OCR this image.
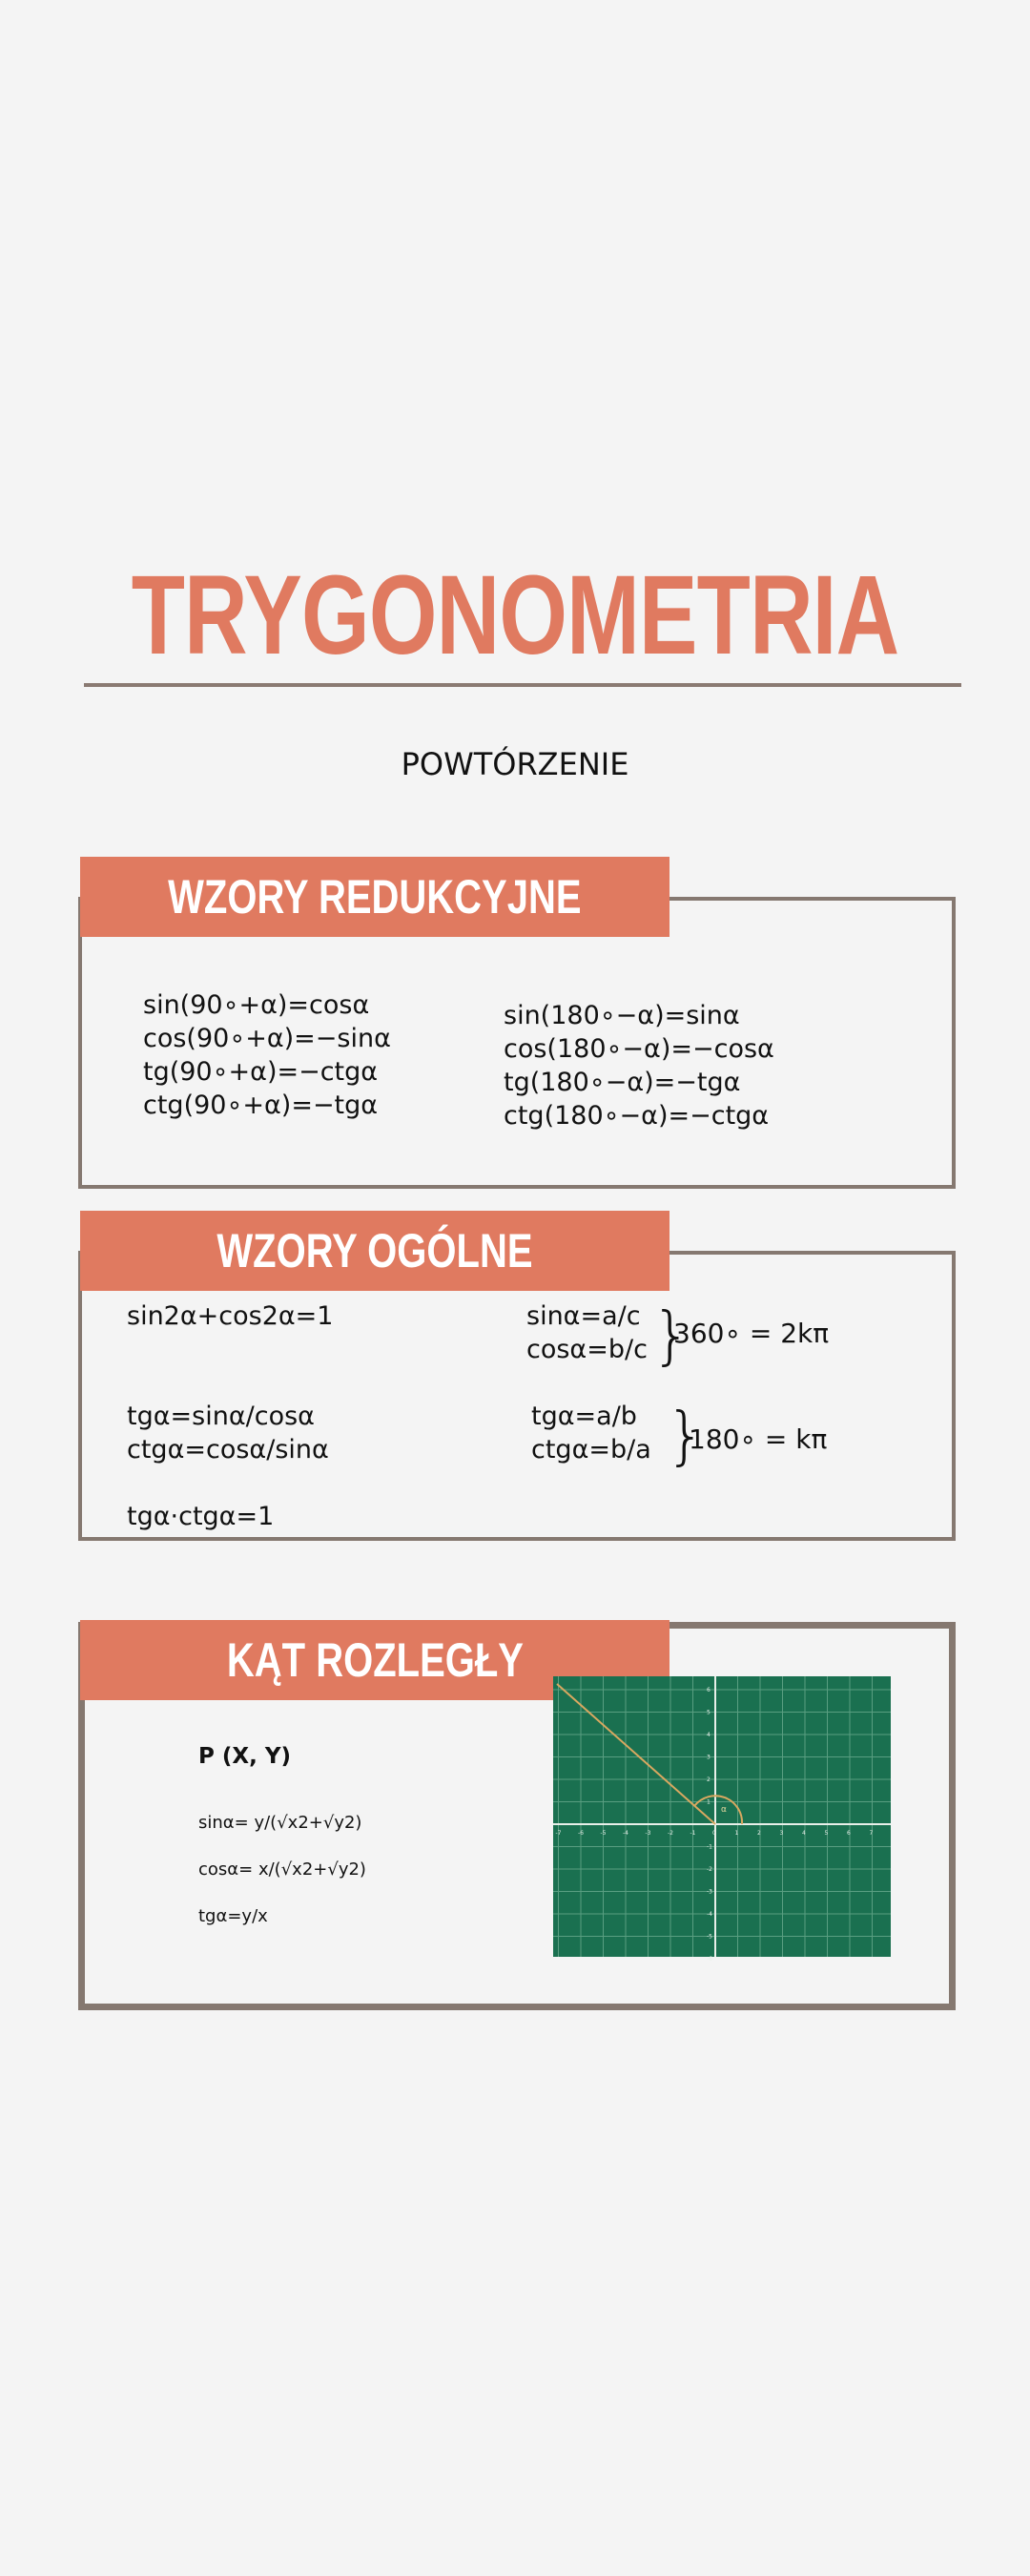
TRYGONOMETRIA
POWTÓRZENIE
WZORY REDUKCYJNE
sin(90∘+α)=cosα
cos(90∘+α)=−sinα
tg(90∘+α)=−ctgα
ctg(90∘+α)=−tgα
sin(180∘−α)=sinα
cos(180∘−α)=−cosα
tg(180∘−α)=−tgα
ctg(180∘−α)=−ctgα
WZORY OGÓLNE
sin2α+cos2α=1
tgα=sinα/cosα
ctgα=cosα/sinα
tgα·ctgα=1
sinα=a/c
cosα=b/c }
360∘ = 2kπ
tgα=a/b
ctgα=b/a }
180∘ = kπ
KĄT ROZLEGŁY
P (X, Y)
sinα= y/(√x2+√y2)
cosα= x/(√x2+√y2)
tgα=y/x
-7	-6	-5	-4	-3	-2	-1	0	1	2	3	4	5	6	7
6
5
4
3
2
1
-1
-2
-3
-4
-5
-6
α
